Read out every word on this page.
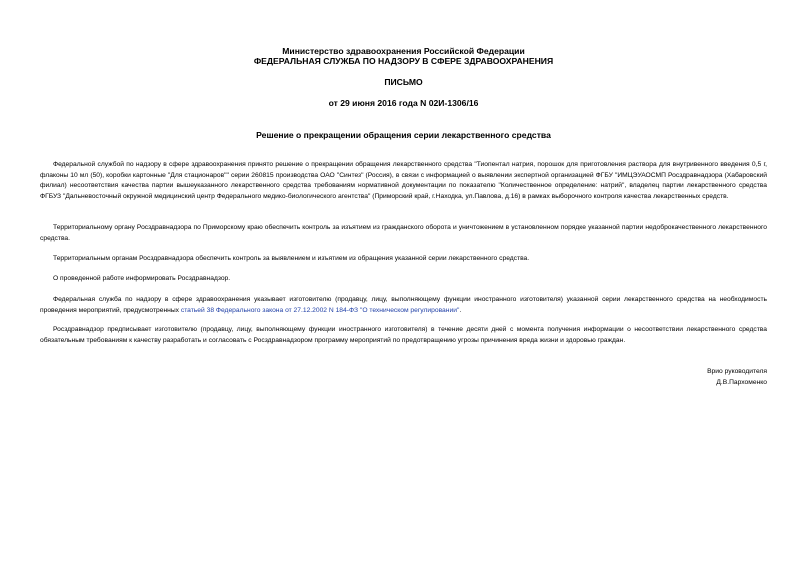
Министерство здравоохранения Российской Федерации
ФЕДЕРАЛЬНАЯ СЛУЖБА ПО НАДЗОРУ В СФЕРЕ ЗДРАВООХРАНЕНИЯ
ПИСЬМО
от 29 июня 2016 года N 02И-1306/16
Решение о прекращении обращения серии лекарственного средства

Федеральной службой по надзору в сфере здравоохранения принято решение о прекращении обращения лекарственного средства "Тиопентал натрия, порошок для приготовления раствора для внутривенного введения 0,5 г, флаконы 10 мл (50), коробки картонные "Для стационаров"" серии 260815 производства ОАО "Синтез" (Россия), в связи с информацией о выявлении экспертной организацией ФГБУ "ИМЦЭУАОСМП Росздравнадзора (Хабаровский филиал) несоответствия качества партии вышеуказанного лекарственного средства требованиям нормативной документации по показателю "Количественное определение: натрий", владелец партии лекарственного средства ФГБУЗ "Дальневосточный окружной медицинский центр Федерального медико-биологического агентства" (Приморский край, г.Находка, ул.Павлова, д.16) в рамках выборочного контроля качества лекарственных средств.

Территориальному органу Росздравнадзора по Приморскому краю обеспечить контроль за изъятием из гражданского оборота и уничтожением в установленном порядке указанной партии недоброкачественного лекарственного средства.

Территориальным органам Росздравнадзора обеспечить контроль за выявлением и изъятием из обращения указанной серии лекарственного средства.

О проведенной работе информировать Росздравнадзор.

Федеральная служба по надзору в сфере здравоохранения указывает изготовителю (продавцу, лицу, выполняющему функции иностранного изготовителя) указанной серии лекарственного средства на необходимость проведения мероприятий, предусмотренных статьей 38 Федерального закона от 27.12.2002 N 184-ФЗ "О техническом регулировании".

Росздравнадзор предписывает изготовителю (продавцу, лицу, выполняющему функции иностранного изготовителя) в течение десяти дней с момента получения информации о несоответствии лекарственного средства обязательным требованиям к качеству разработать и согласовать с Росздравнадзором программу мероприятий по предотвращению угрозы причинения вреда жизни и здоровью граждан.

Врио руководителя
Д.В.Пархоменко
